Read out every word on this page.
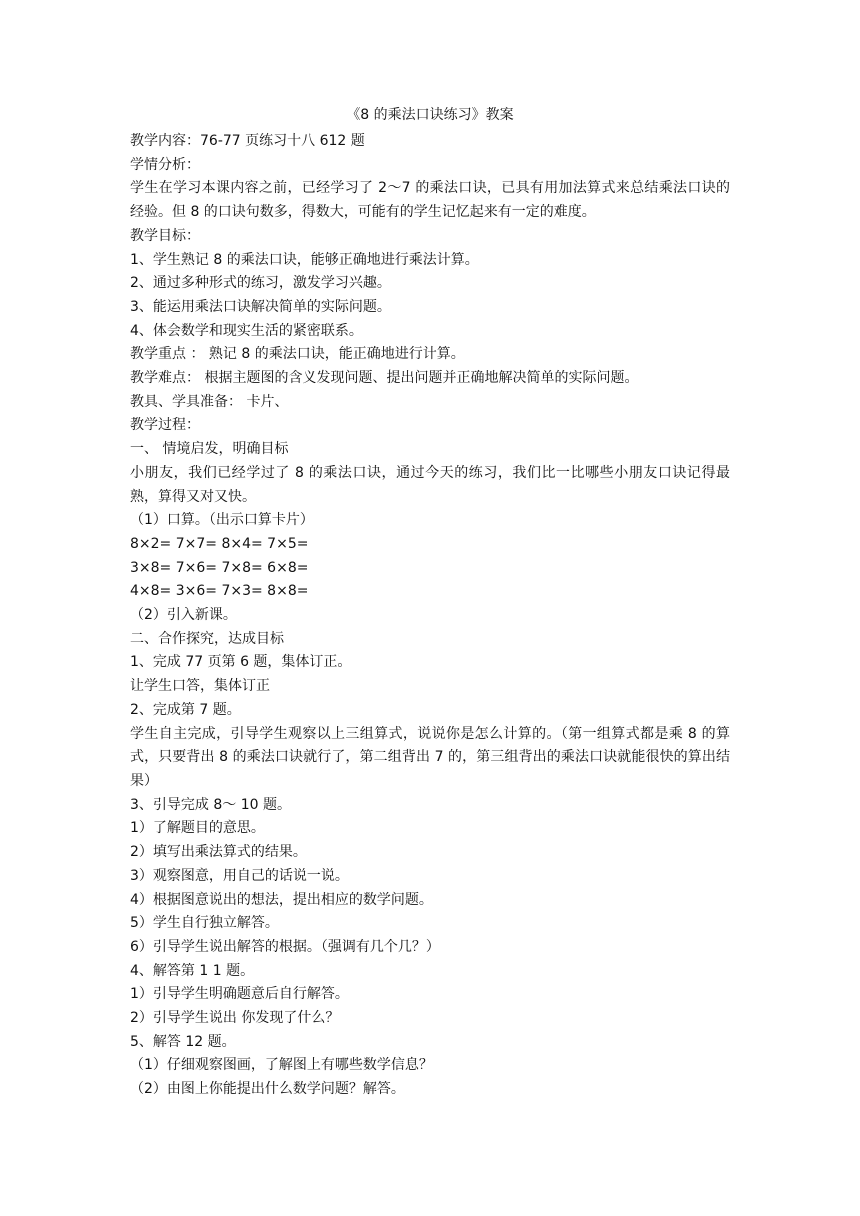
《8 的乘法口诀练习》教案

教学内容：76-77 页练习十八 612 题

学情分析：

学生在学习本课内容之前，已经学习了 2～7 的乘法口诀，已具有用加法算式来总结乘法口诀的经验。但 8 的口诀句数多，得数大，可能有的学生记忆起来有一定的难度。

教学目标：

1、学生熟记 8 的乘法口诀，能够正确地进行乘法计算。

2、通过多种形式的练习，激发学习兴趣。

3、能运用乘法口诀解决简单的实际问题。

4、体会数学和现实生活的紧密联系。

教学重点 ： 熟记 8 的乘法口诀，能正确地进行计算。

教学难点： 根据主题图的含义发现问题、提出问题并正确地解决简单的实际问题。

教具、学具准备： 卡片、

教学过程：

一、 情境启发，明确目标

小朋友，我们已经学过了 8 的乘法口诀，通过今天的练习，我们比一比哪些小朋友口诀记得最熟，算得又对又快。

（1）口算。（出示口算卡片）

8×2= 7×7= 8×4= 7×5=

3×8= 7×6= 7×8= 6×8=

4×8= 3×6= 7×3= 8×8=

（2）引入新课。

二、合作探究，达成目标

1、完成 77 页第 6 题，集体订正。

让学生口答，集体订正

2、完成第 7 题。

学生自主完成，引导学生观察以上三组算式，说说你是怎么计算的。（第一组算式都是乘 8 的算式，只要背出 8 的乘法口诀就行了，第二组背出 7 的，第三组背出的乘法口诀就能很快的算出结果）

3、引导完成 8～ 10 题。

1）了解题目的意思。

2）填写出乘法算式的结果。

3）观察图意，用自己的话说一说。

4）根据图意说出的想法，提出相应的数学问题。

5）学生自行独立解答。

6）引导学生说出解答的根据。（强调有几个几？）

4、解答第 1 1 题。

1）引导学生明确题意后自行解答。

2）引导学生说出 你发现了什么？

5、解答 12 题。

（1）仔细观察图画，了解图上有哪些数学信息？

（2）由图上你能提出什么数学问题？解答。
